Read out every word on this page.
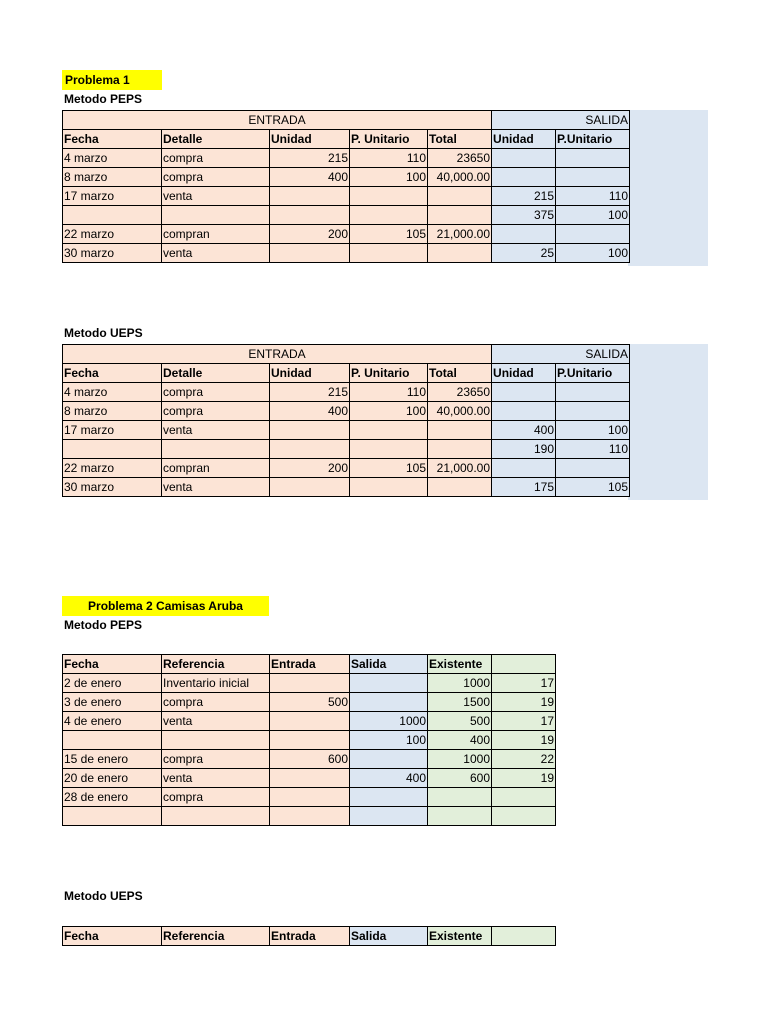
Problema 1
Metodo PEPS
ENTRADA					SALIDA	
Fecha	Detalle	Unidad	P. Unitario	Total	Unidad	P.Unitario
4 marzo	compra	215	110	23650		
8 marzo	compra	400	100	40,000.00		
17 marzo	venta				215	110
					375	100
22 marzo	compran	200	105	21,000.00		
30 marzo	venta				25	100
Metodo UEPS
ENTRADA					SALIDA	
Fecha	Detalle	Unidad	P. Unitario	Total	Unidad	P.Unitario
4 marzo	compra	215	110	23650		
8 marzo	compra	400	100	40,000.00		
17 marzo	venta				400	100
					190	110
22 marzo	compran	200	105	21,000.00		
30 marzo	venta				175	105
Problema 2 Camisas Aruba
Metodo PEPS
Fecha	Referencia	Entrada	Salida	Existente	
2 de enero	Inventario inicial			1000	17
3 de enero	compra	500		1500	19
4 de enero	venta		1000	500	17
			100	400	19
15 de enero	compra	600		1000	22
20 de enero	venta		400	600	19
28 de enero	compra				

Metodo UEPS
Fecha	Referencia	Entrada	Salida	Existente	
